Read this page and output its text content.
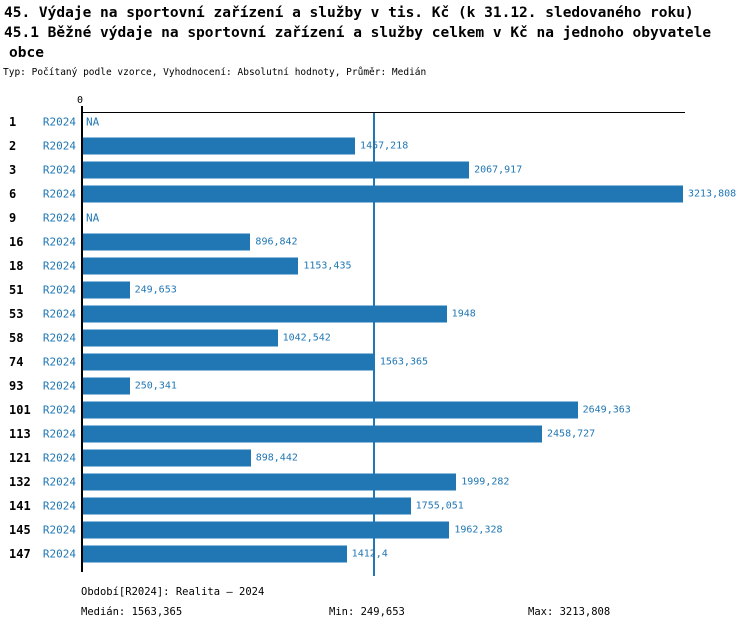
45. Výdaje na sportovní zařízení a služby v tis. Kč (k 31.12. sledovaného roku)
45.1 Běžné výdaje na sportovní zařízení a služby celkem v Kč na jednoho obyvatele
obce
Typ: Počítaný podle vzorce, Vyhodnocení: Absolutní hodnoty, Průměr: Medián
0
1	R2024 NA
2	R2024	1457,218
3	R2024	2067,917
6	R2024	3213,808
9	R2024 NA
16	R2024	896,842
18	R2024	1153,435
51	R2024	249,653
53	R2024	1948
58	R2024	1042,542
74	R2024	1563,365
93	R2024	250,341
101	R2024	2649,363
113	R2024	2458,727
121	R2024	898,442
132	R2024	1999,282
141	R2024	1755,051
145	R2024	1962,328
147	R2024	1412,4
Období[R2024]: Realita – 2024
Medián: 1563,365	Min: 249,653	Max: 3213,808
